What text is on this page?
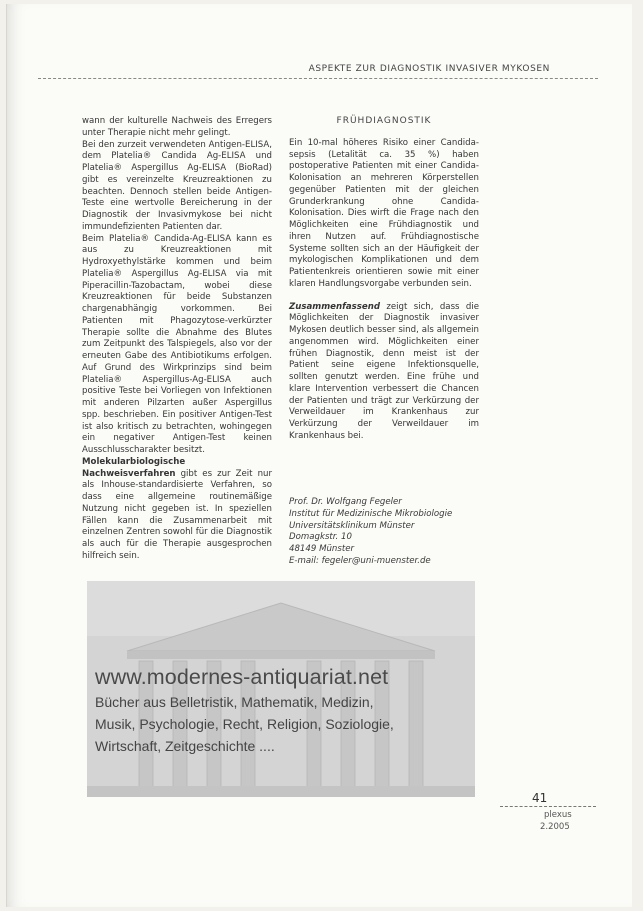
ASPEKTE ZUR DIAGNOSTIK INVASIVER MYKOSEN

wann der kulturelle Nachweis des Erregers unter Therapie nicht mehr gelingt.

Bei den zurzeit verwendeten Antigen-ELISA, dem Platelia® Candida Ag-ELISA und Platelia® Aspergillus Ag-ELISA (BioRad) gibt es vereinzelte Kreuzreaktionen zu beachten. Dennoch stellen beide Antigen-Teste eine wertvolle Bereicherung in der Diagnostik der Invasivmykose bei nicht immundefizienten Patienten dar.

Beim Platelia® Candida-Ag-ELISA kann es aus zu Kreuzreaktionen mit Hydroxyethylstärke kommen und beim Platelia® Aspergillus Ag-ELISA via mit Piperacillin-Tazobactam, wobei diese Kreuzreaktionen für beide Substanzen chargenabhängig vorkommen. Bei Patienten mit Phagozytose-verkürzter Therapie sollte die Abnahme des Blutes zum Zeitpunkt des Talspiegels, also vor der erneuten Gabe des Antibiotikums erfolgen. Auf Grund des Wirkprinzips sind beim Platelia® Aspergillus-Ag-ELISA auch positive Teste bei Vorliegen von Infektionen mit anderen Pilzarten außer Aspergillus spp. beschrieben. Ein positiver Antigen-Test ist also kritisch zu betrachten, wohingegen ein negativer Antigen-Test keinen Ausschlusscharakter besitzt.

Molekularbiologische Nachweisverfahren gibt es zur Zeit nur als Inhouse-standardisierte Verfahren, so dass eine allgemeine routinemäßige Nutzung nicht gegeben ist. In speziellen Fällen kann die Zusammenarbeit mit einzelnen Zentren sowohl für die Diagnostik als auch für die Therapie ausgesprochen hilfreich sein.

FRÜHDIAGNOSTIK

Ein 10-mal höheres Risiko einer Candida-sepsis (Letalität ca. 35 %) haben postoperative Patienten mit einer Candida-Kolonisation an mehreren Körperstellen gegenüber Patienten mit der gleichen Grunderkrankung ohne Candida-Kolonisation. Dies wirft die Frage nach den Möglichkeiten eine Frühdiagnostik und ihren Nutzen auf. Frühdiagnostische Systeme sollten sich an der Häufigkeit der mykologischen Komplikationen und dem Patientenkreis orientieren sowie mit einer klaren Handlungsvorgabe verbunden sein.

Zusammenfassend zeigt sich, dass die Möglichkeiten der Diagnostik invasiver Mykosen deutlich besser sind, als allgemein angenommen wird. Möglichkeiten einer frühen Diagnostik, denn meist ist der Patient seine eigene Infektionsquelle, sollten genutzt werden. Eine frühe und klare Intervention verbessert die Chancen der Patienten und trägt zur Verkürzung der Verweildauer im Krankenhaus zur Verkürzung der Verweildauer im Krankenhaus bei.

Prof. Dr. Wolfgang Fegeler
Institut für Medizinische Mikrobiologie
Universitätsklinikum Münster
Domagkstr. 10
48149 Münster
E-mail: fegeler@uni-muenster.de
www.modernes-antiquariat.net
Bücher aus Belletristik, Mathematik, Medizin,
Musik, Psychologie, Recht, Religion, Soziologie,
Wirtschaft, Zeitgeschichte ....
41
plexus
2.2005
